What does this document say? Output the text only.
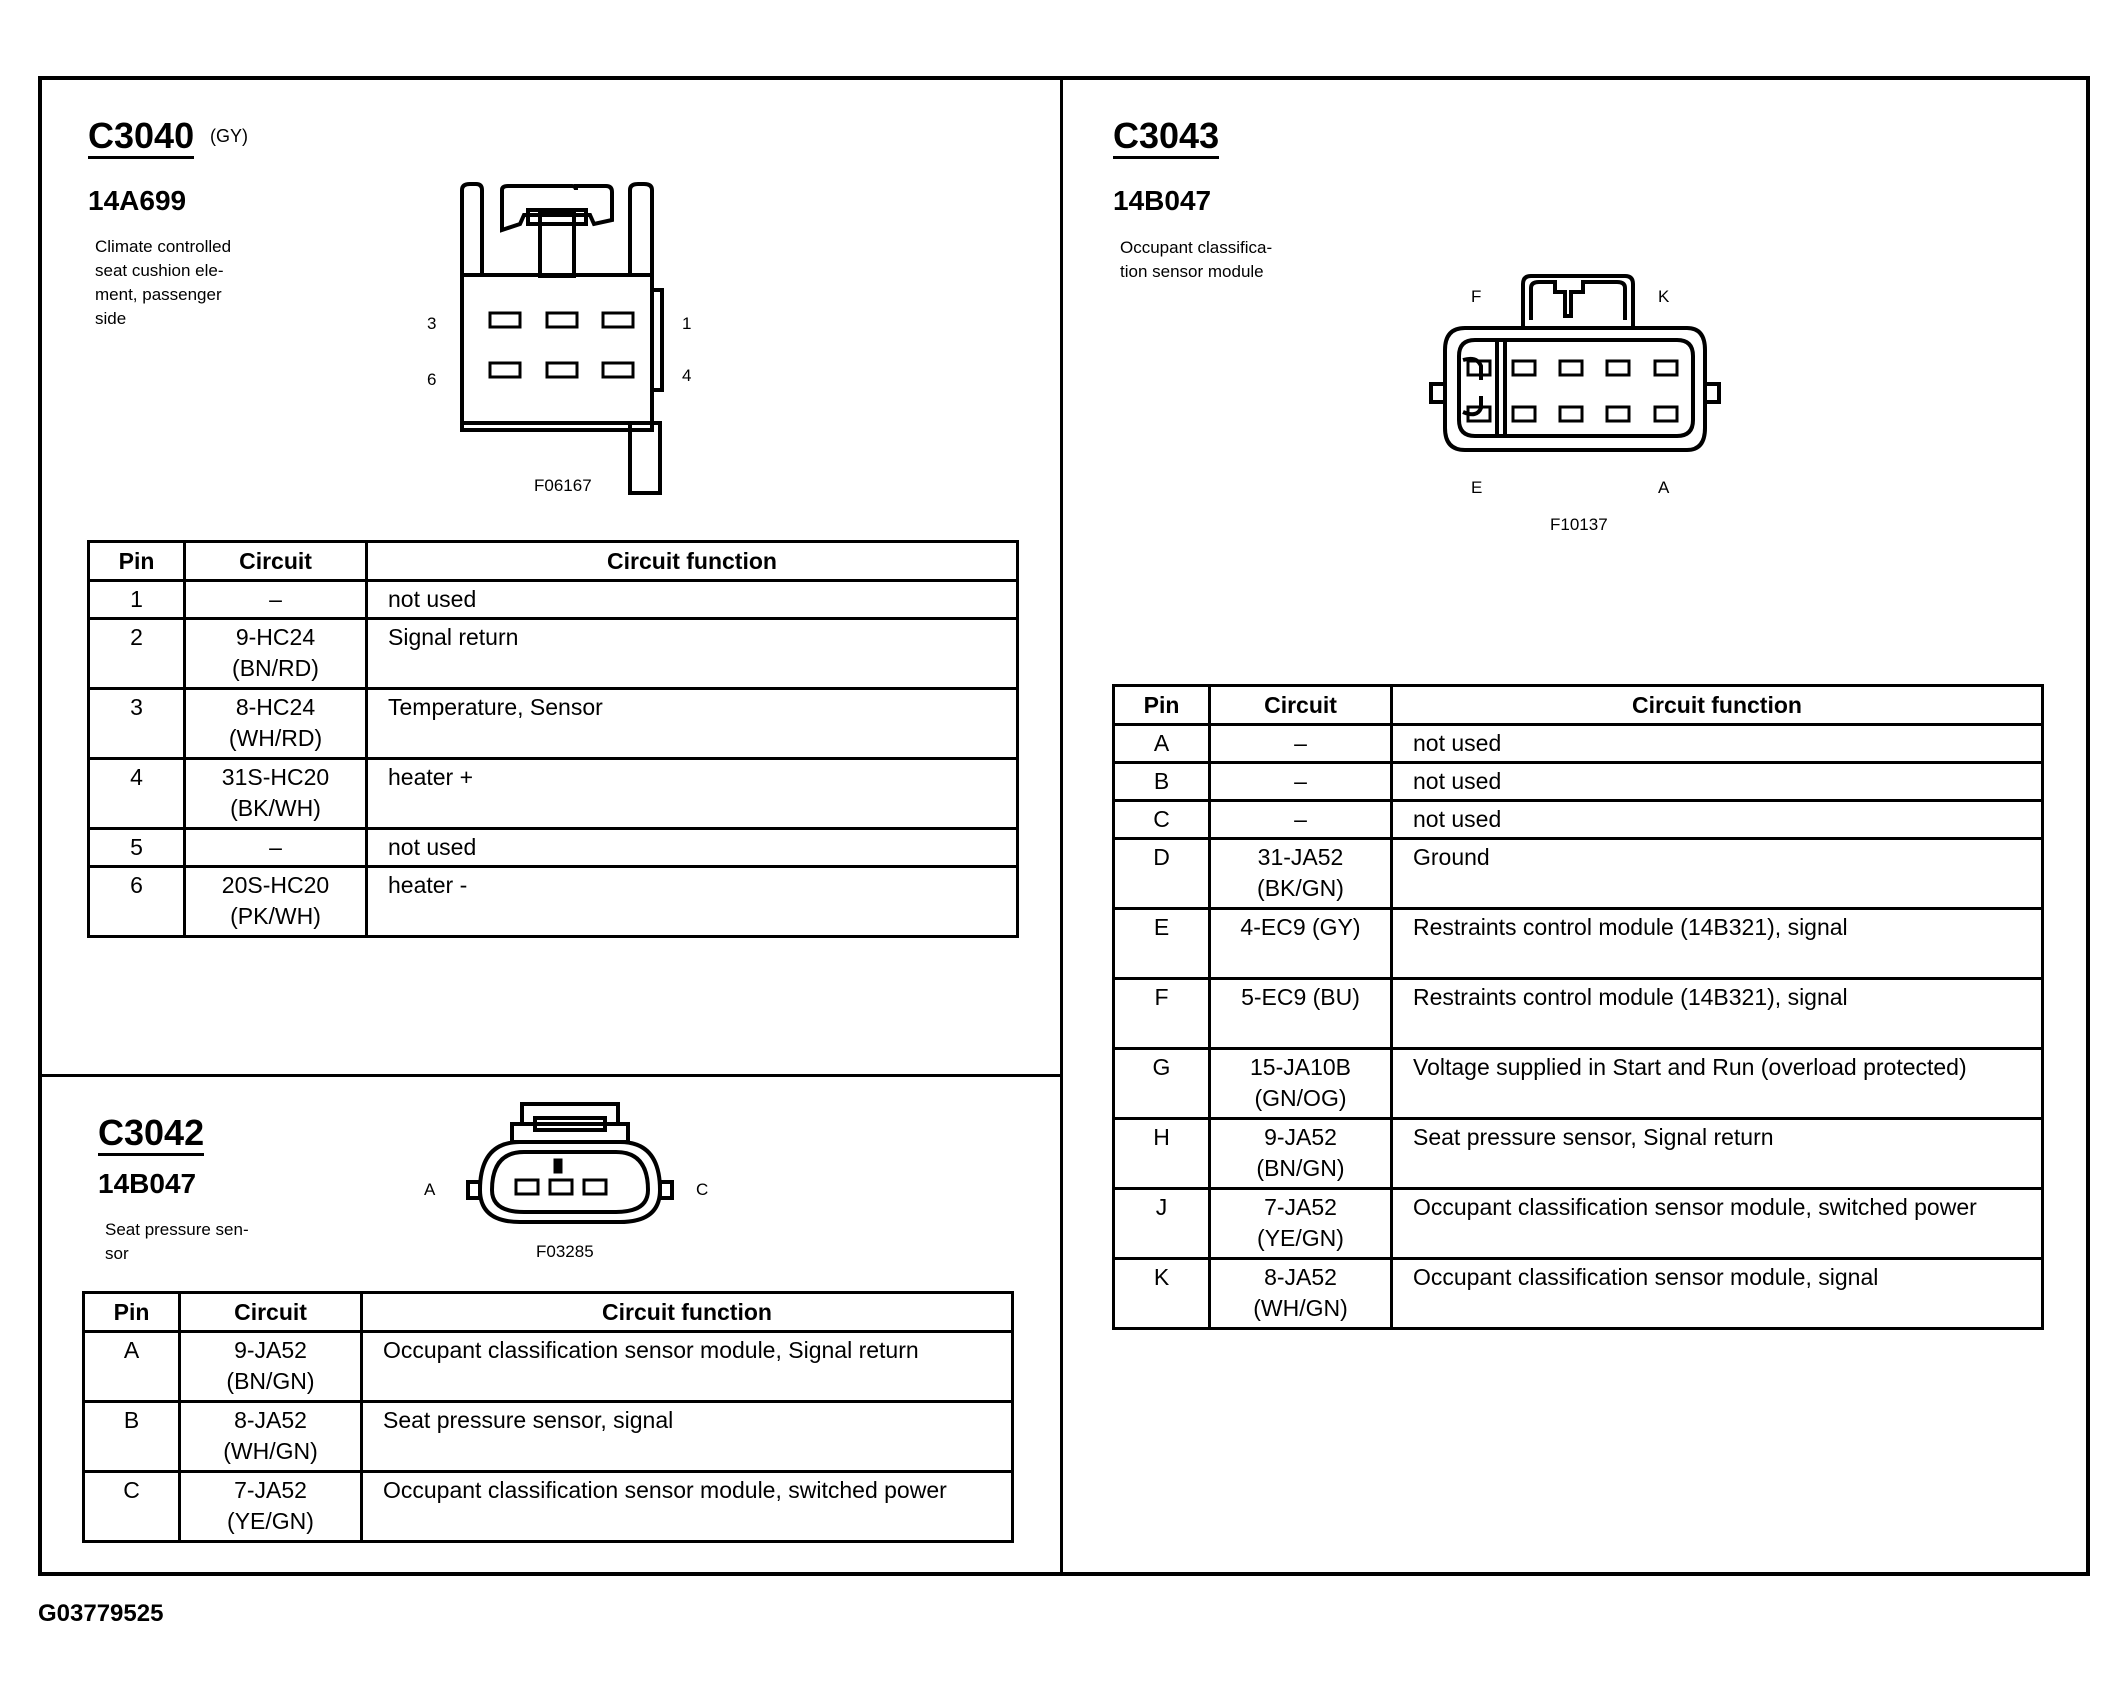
C3040 (GY)
14A699
Climate controlled
seat cushion ele-
ment, passenger
side	3	1
6	4
F06167
Pin	Circuit	Circuit function
1	–	not used
2	9-HC24
(BN/RD)	Signal return
3	8-HC24
(WH/RD)	Temperature, Sensor
4	31S-HC20
(BK/WH)	heater +
5	–	not used
6	20S-HC20
(PK/WH)	heater -
C3042
14B047
Seat pressure sen-
sor
A	C
F03285
Pin	Circuit	Circuit function
A	9-JA52
(BN/GN)	Occupant classification sensor module, Signal return
B	8-JA52
(WH/GN)	Seat pressure sensor, signal
C	7-JA52
(YE/GN)	Occupant classification sensor module, switched power
C3043
14B047
Occupant classifica-
tion sensor module
F	K
E	A
F10137
Pin	Circuit	Circuit function
A	–	not used
B	–	not used
C	–	not used
D	31-JA52
(BK/GN)	Ground
E	4-EC9 (GY)	Restraints control module (14B321), signal
F	5-EC9 (BU)	Restraints control module (14B321), signal
G	15-JA10B
(GN/OG)	Voltage supplied in Start and Run (overload protected)
H	9-JA52
(BN/GN)	Seat pressure sensor, Signal return
J	7-JA52
(YE/GN)	Occupant classification sensor module, switched power
K	8-JA52
(WH/GN)	Occupant classification sensor module, signal
G03779525
